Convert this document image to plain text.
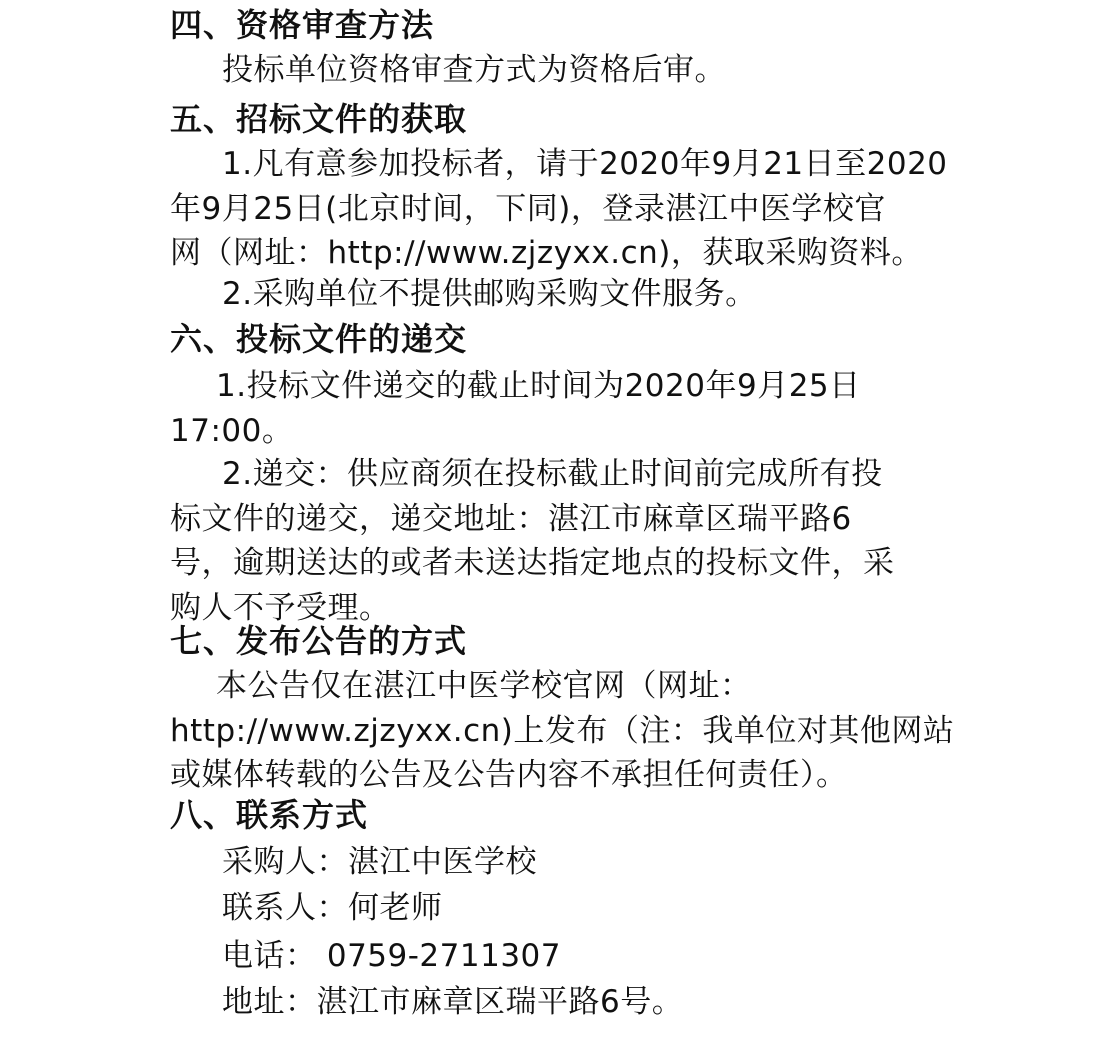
四、资格审查方法
投标单位资格审查方式为资格后审。
五、招标文件的获取
1.凡有意参加投标者，请于2020年9月21日至2020
年9月25日(北京时间，下同)，登录湛江中医学校官
网（网址：http://www.zjzyxx.cn)，获取采购资料。
2.采购单位不提供邮购采购文件服务。
六、投标文件的递交
1.投标文件递交的截止时间为2020年9月25日
17:00。
2.递交：供应商须在投标截止时间前完成所有投
标文件的递交，递交地址：湛江市麻章区瑞平路6
号，逾期送达的或者未送达指定地点的投标文件，采
购人不予受理。
七、发布公告的方式
本公告仅在湛江中医学校官网（网址：
http://www.zjzyxx.cn)上发布（注：我单位对其他网站
或媒体转载的公告及公告内容不承担任何责任）。
八、联系方式
采购人：湛江中医学校
联系人：何老师
电话： 0759-2711307
地址：湛江市麻章区瑞平路6号。
